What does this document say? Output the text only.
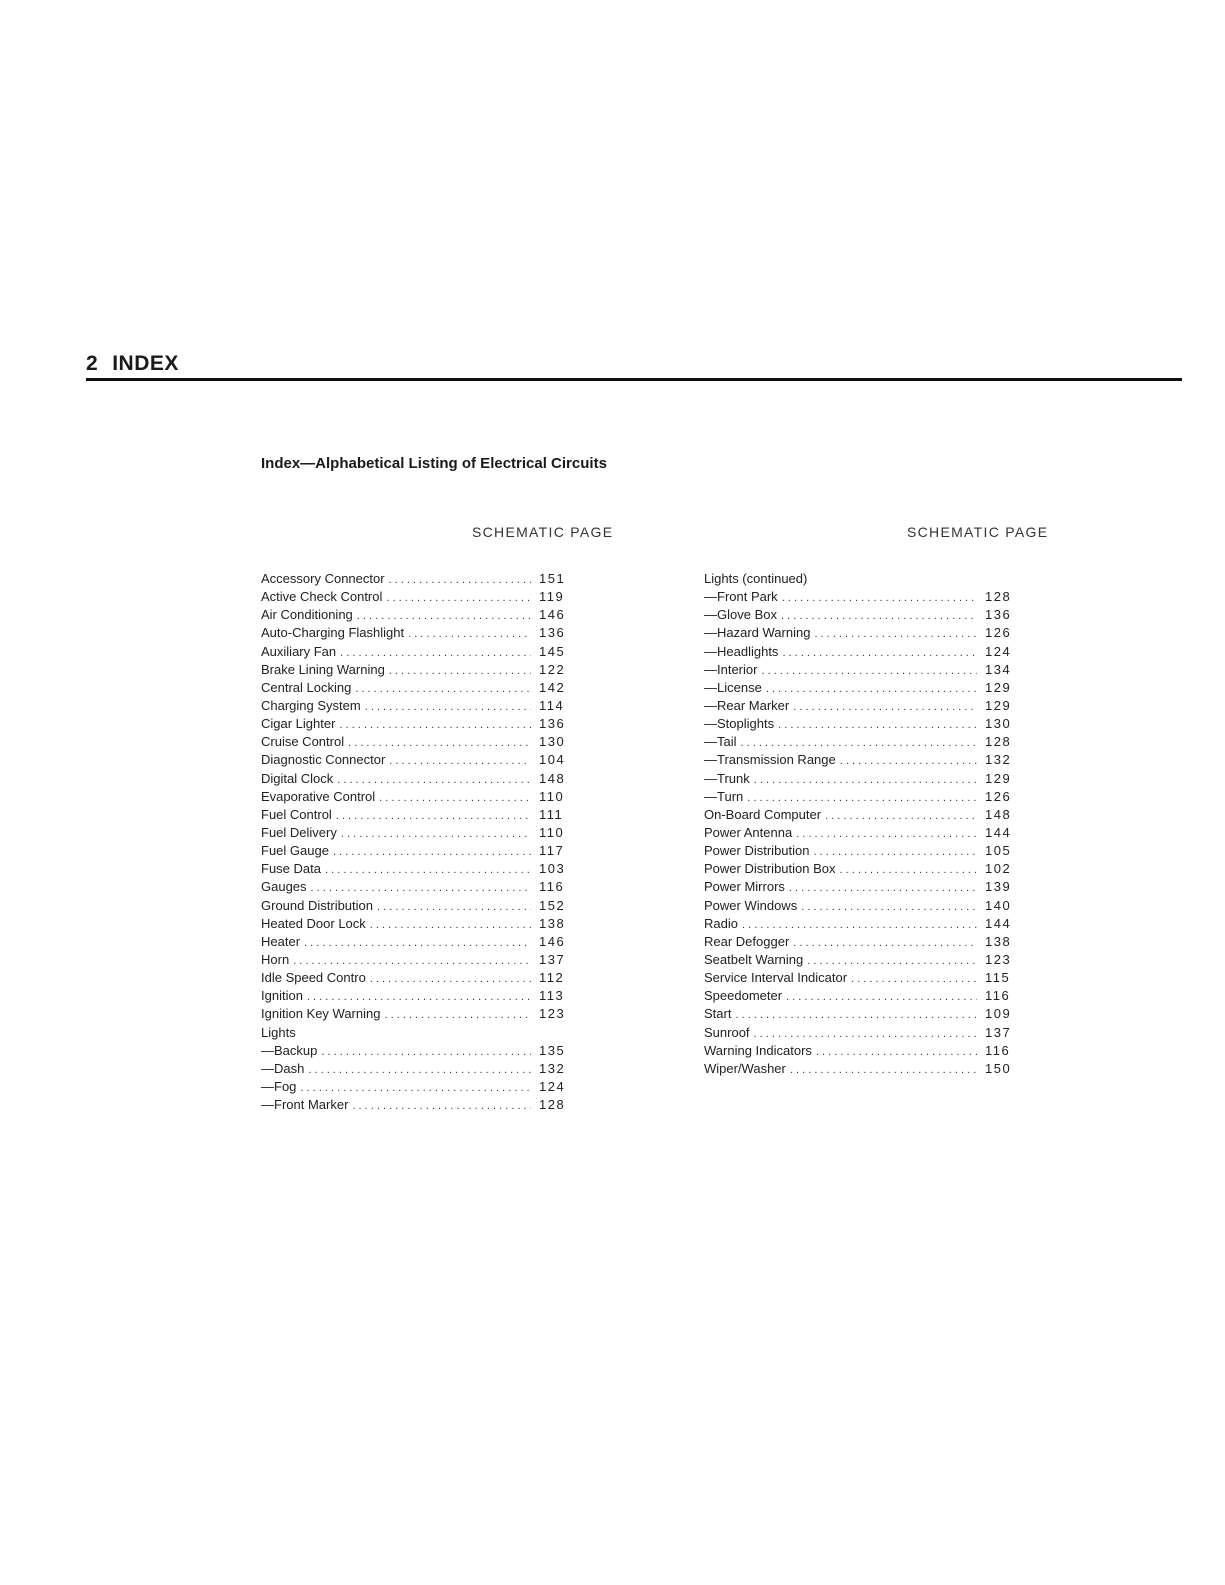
2 INDEX
Index—Alphabetical Listing of Electrical Circuits
SCHEMATIC PAGE	SCHEMATIC PAGE
Accessory Connector . . .	151
Active Check Control . . .	119
Air Conditioning . . .	146
Auto-Charging Flashlight . . .	136
Auxiliary Fan . . .	145
Brake Lining Warning . . .	122
Central Locking . . .	142
Charging System . . .	114
Cigar Lighter . . .	136
Cruise Control . . .	130
Diagnostic Connector . . .	104
Digital Clock . . .	148
Evaporative Control . . .	110
Fuel Control . . .	111
Fuel Delivery . . .	110
Fuel Gauge . . .	117
Fuse Data . . .	103
Gauges . . .	116
Ground Distribution . . .	152
Heated Door Lock . . .	138
Heater . . .	146
Horn . . .	137
Idle Speed Contro . . .	112
Ignition . . .	113
Ignition Key Warning . . .	123
Lights
—Backup . . .	135
—Dash . . .	132
—Fog . . .	124
—Front Marker . . .	128
Lights (continued)
—Front Park . . .	128
—Glove Box . . .	136
—Hazard Warning . . .	126
—Headlights . . .	124
—Interior . . .	134
—License . . .	129
—Rear Marker . . .	129
—Stoplights . . .	130
—Tail . . .	128
—Transmission Range . . .	132
—Trunk . . .	129
—Turn . . .	126
On-Board Computer . . .	148
Power Antenna . . .	144
Power Distribution . . .	105
Power Distribution Box . . .	102
Power Mirrors . . .	139
Power Windows . . .	140
Radio . . .	144
Rear Defogger . . .	138
Seatbelt Warning . . .	123
Service Interval Indicator . . .	115
Speedometer . . .	116
Start . . .	109
Sunroof . . .	137
Warning Indicators . . .	116
Wiper/Washer . . .	150
